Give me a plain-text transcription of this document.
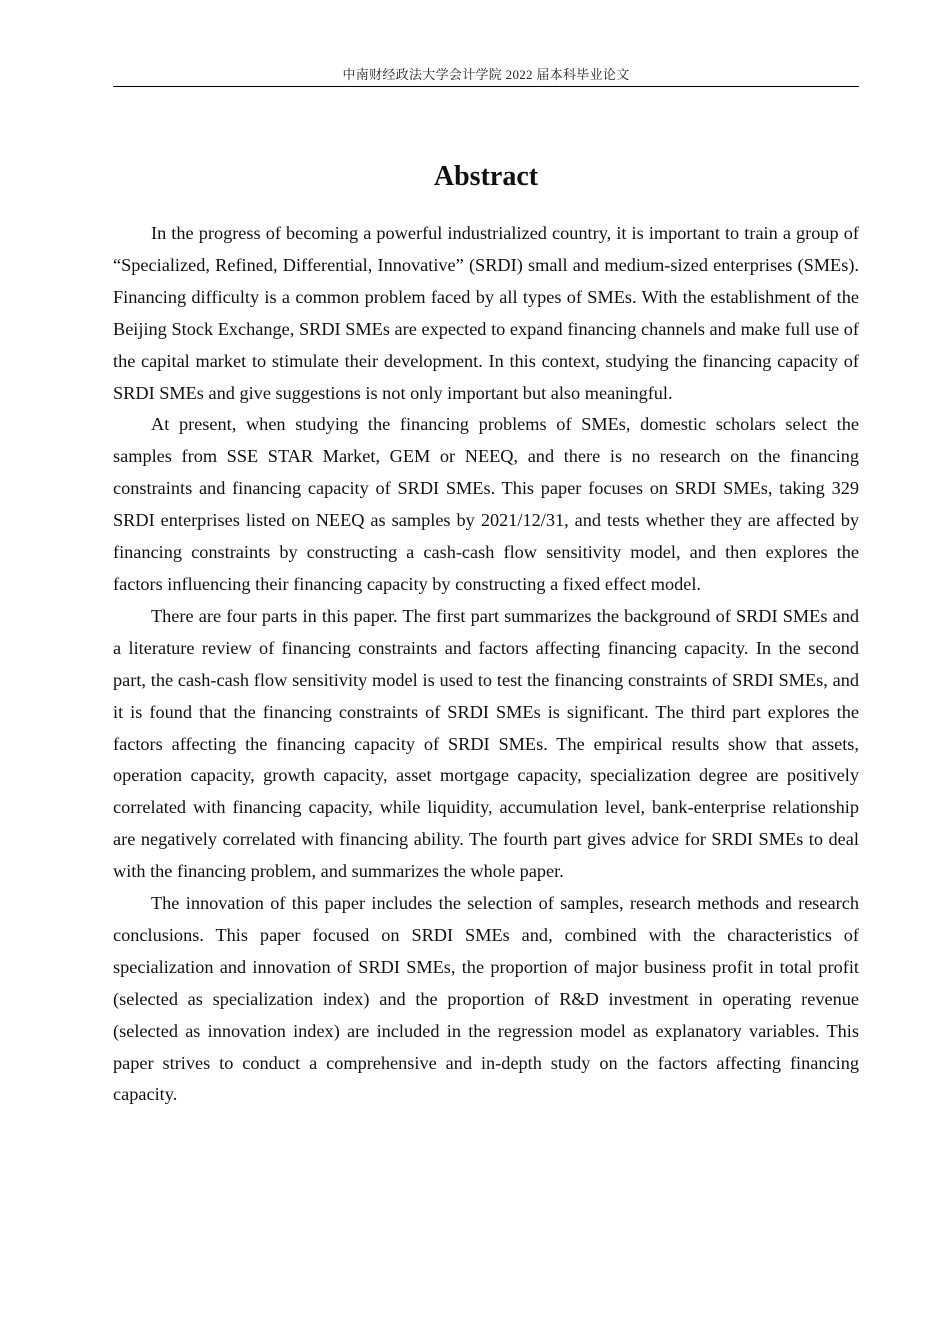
中南财经政法大学会计学院 2022 届本科毕业论文
Abstract

In the progress of becoming a powerful industrialized country, it is important to train a group of “Specialized, Refined, Differential, Innovative” (SRDI) small and medium-sized enterprises (SMEs). Financing difficulty is a common problem faced by all types of SMEs. With the establishment of the Beijing Stock Exchange, SRDI SMEs are expected to expand financing channels and make full use of the capital market to stimulate their development. In this context, studying the financing capacity of SRDI SMEs and give suggestions is not only important but also meaningful.

At present, when studying the financing problems of SMEs, domestic scholars select the samples from SSE STAR Market, GEM or NEEQ, and there is no research on the financing constraints and financing capacity of SRDI SMEs. This paper focuses on SRDI SMEs, taking 329 SRDI enterprises listed on NEEQ as samples by 2021/12/31, and tests whether they are affected by financing constraints by constructing a cash-cash flow sensitivity model, and then explores the factors influencing their financing capacity by constructing a fixed effect model.

There are four parts in this paper. The first part summarizes the background of SRDI SMEs and a literature review of financing constraints and factors affecting financing capacity. In the second part, the cash-cash flow sensitivity model is used to test the financing constraints of SRDI SMEs, and it is found that the financing constraints of SRDI SMEs is significant. The third part explores the factors affecting the financing capacity of SRDI SMEs. The empirical results show that assets, operation capacity, growth capacity, asset mortgage capacity, specialization degree are positively correlated with financing capacity, while liquidity, accumulation level, bank-enterprise relationship are negatively correlated with financing ability. The fourth part gives advice for SRDI SMEs to deal with the financing problem, and summarizes the whole paper.

The innovation of this paper includes the selection of samples, research methods and research conclusions. This paper focused on SRDI SMEs and, combined with the characteristics of specialization and innovation of SRDI SMEs, the proportion of major business profit in total profit (selected as specialization index) and the proportion of R&D investment in operating revenue (selected as innovation index) are included in the regression model as explanatory variables. This paper strives to conduct a comprehensive and in-depth study on the factors affecting financing capacity.
